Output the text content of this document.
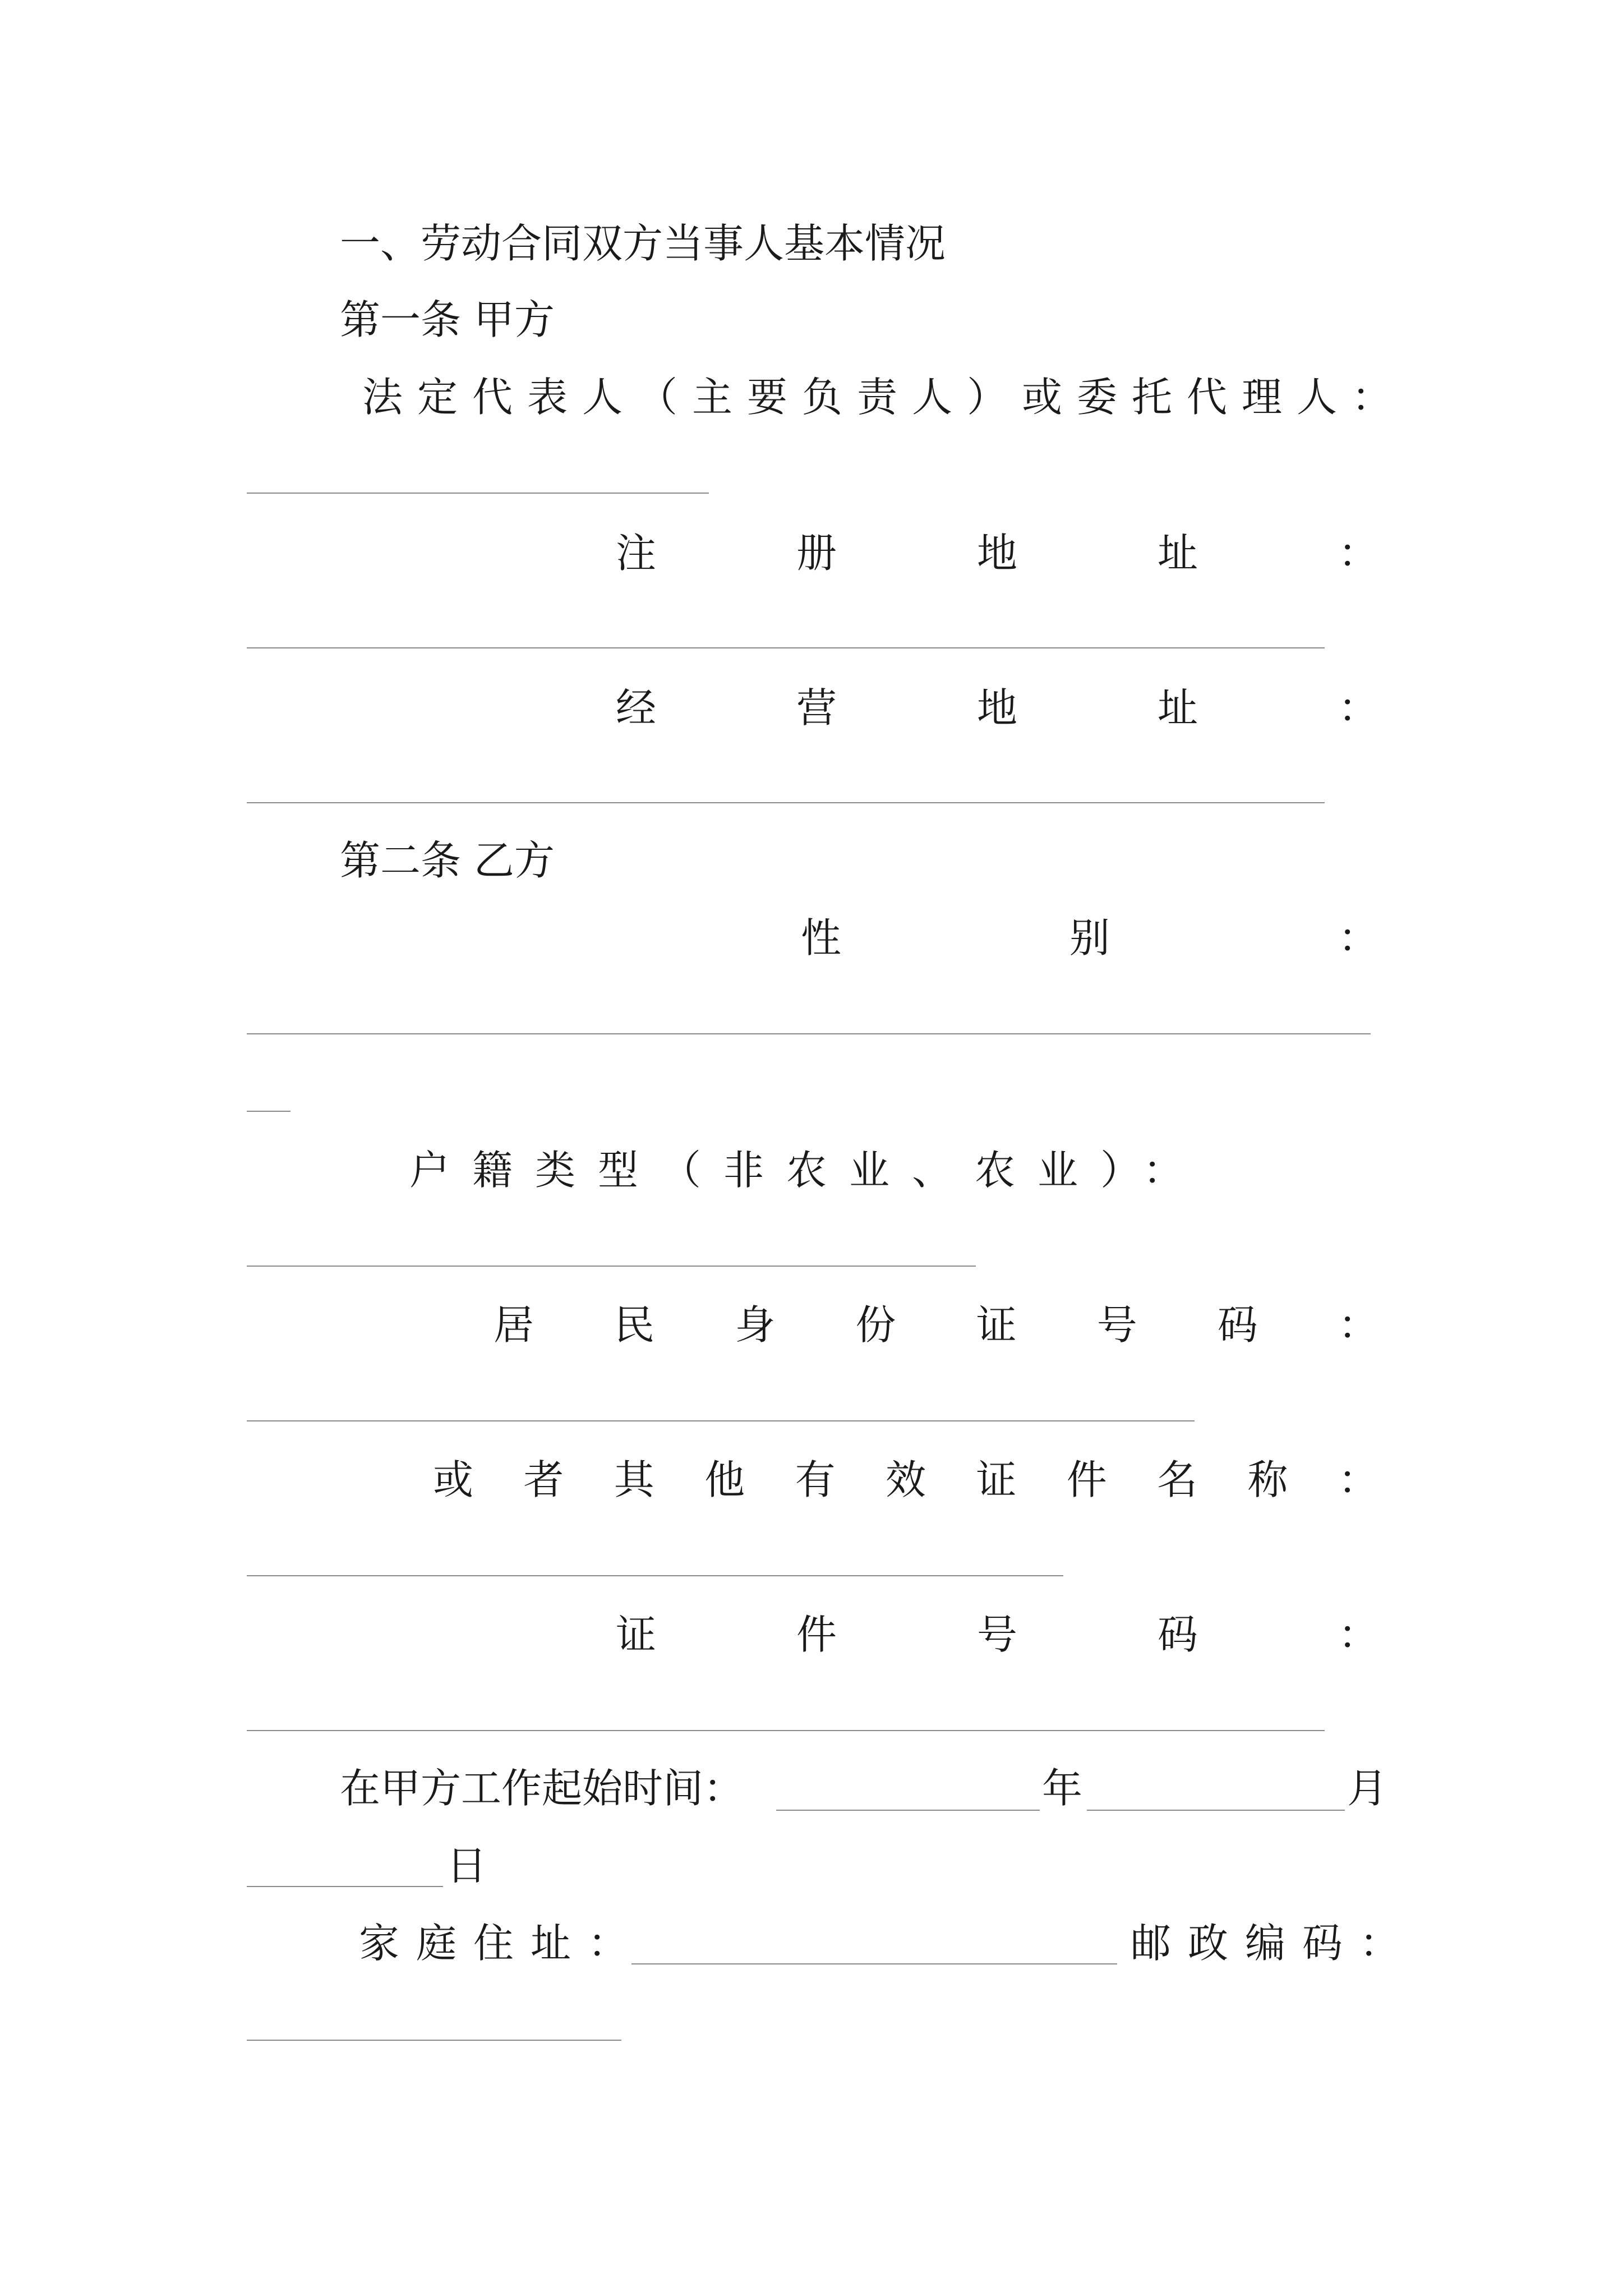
一、劳动合同双方当事人基本情况
第一条 甲方
法定代表人（主要负责人）或委托代理人：
注	册	地	址	：
经	营	地	址	：
第二条 乙方
性	别	：
户籍类型（非农业、农业）：
居 民 身 份 证 号 码 ：
或 者 其 他 有 效 证 件 名 称 ：
证	件	号	码	：
在甲方工作起始时间：	年	月
日
家庭住址：	邮政编码：
